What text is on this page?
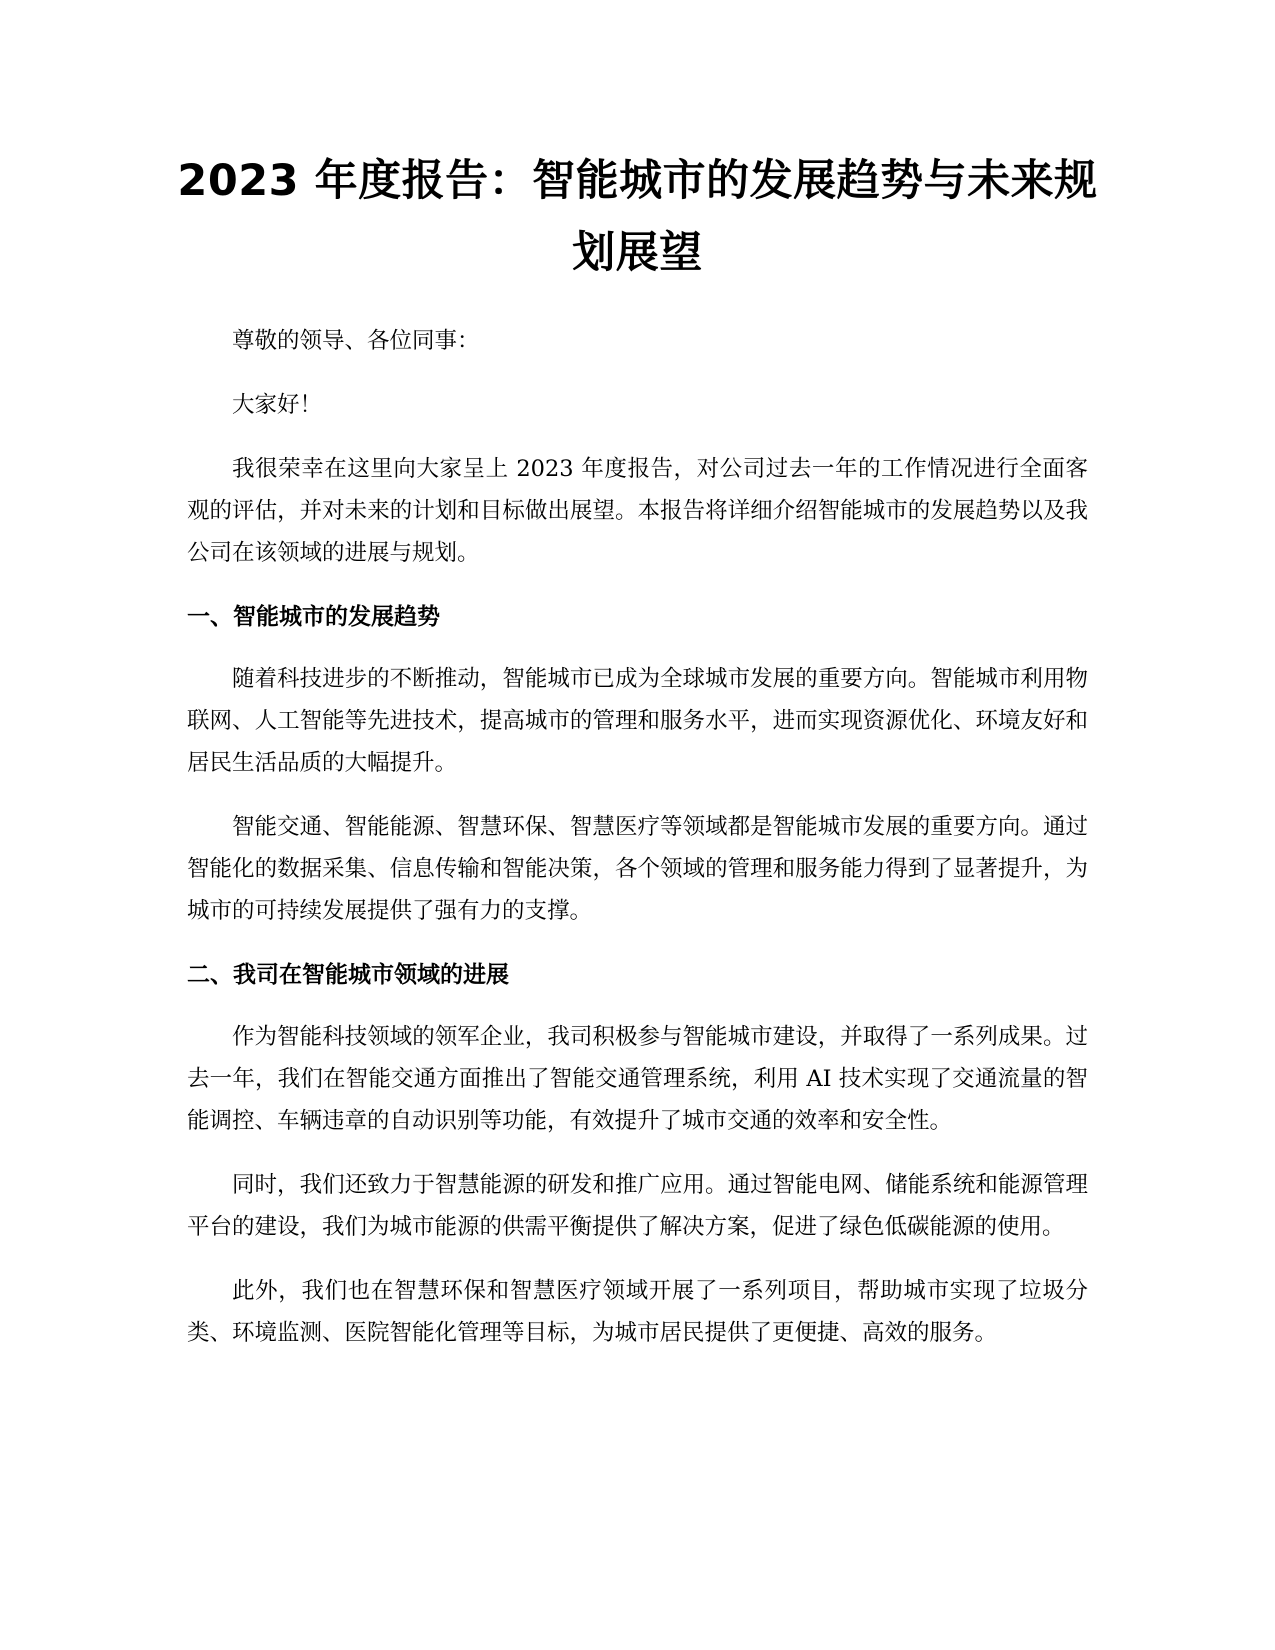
2023 年度报告：智能城市的发展趋势与未来规划展望

尊敬的领导、各位同事：

大家好！

我很荣幸在这里向大家呈上 2023 年度报告，对公司过去一年的工作情况进行全面客观的评估，并对未来的计划和目标做出展望。本报告将详细介绍智能城市的发展趋势以及我公司在该领域的进展与规划。

一、智能城市的发展趋势

随着科技进步的不断推动，智能城市已成为全球城市发展的重要方向。智能城市利用物联网、人工智能等先进技术，提高城市的管理和服务水平，进而实现资源优化、环境友好和居民生活品质的大幅提升。

智能交通、智能能源、智慧环保、智慧医疗等领域都是智能城市发展的重要方向。通过智能化的数据采集、信息传输和智能决策，各个领域的管理和服务能力得到了显著提升，为城市的可持续发展提供了强有力的支撑。

二、我司在智能城市领域的进展

作为智能科技领域的领军企业，我司积极参与智能城市建设，并取得了一系列成果。过去一年，我们在智能交通方面推出了智能交通管理系统，利用 AI 技术实现了交通流量的智能调控、车辆违章的自动识别等功能，有效提升了城市交通的效率和安全性。

同时，我们还致力于智慧能源的研发和推广应用。通过智能电网、储能系统和能源管理平台的建设，我们为城市能源的供需平衡提供了解决方案，促进了绿色低碳能源的使用。

此外，我们也在智慧环保和智慧医疗领域开展了一系列项目，帮助城市实现了垃圾分类、环境监测、医院智能化管理等目标，为城市居民提供了更便捷、高效的服务。
